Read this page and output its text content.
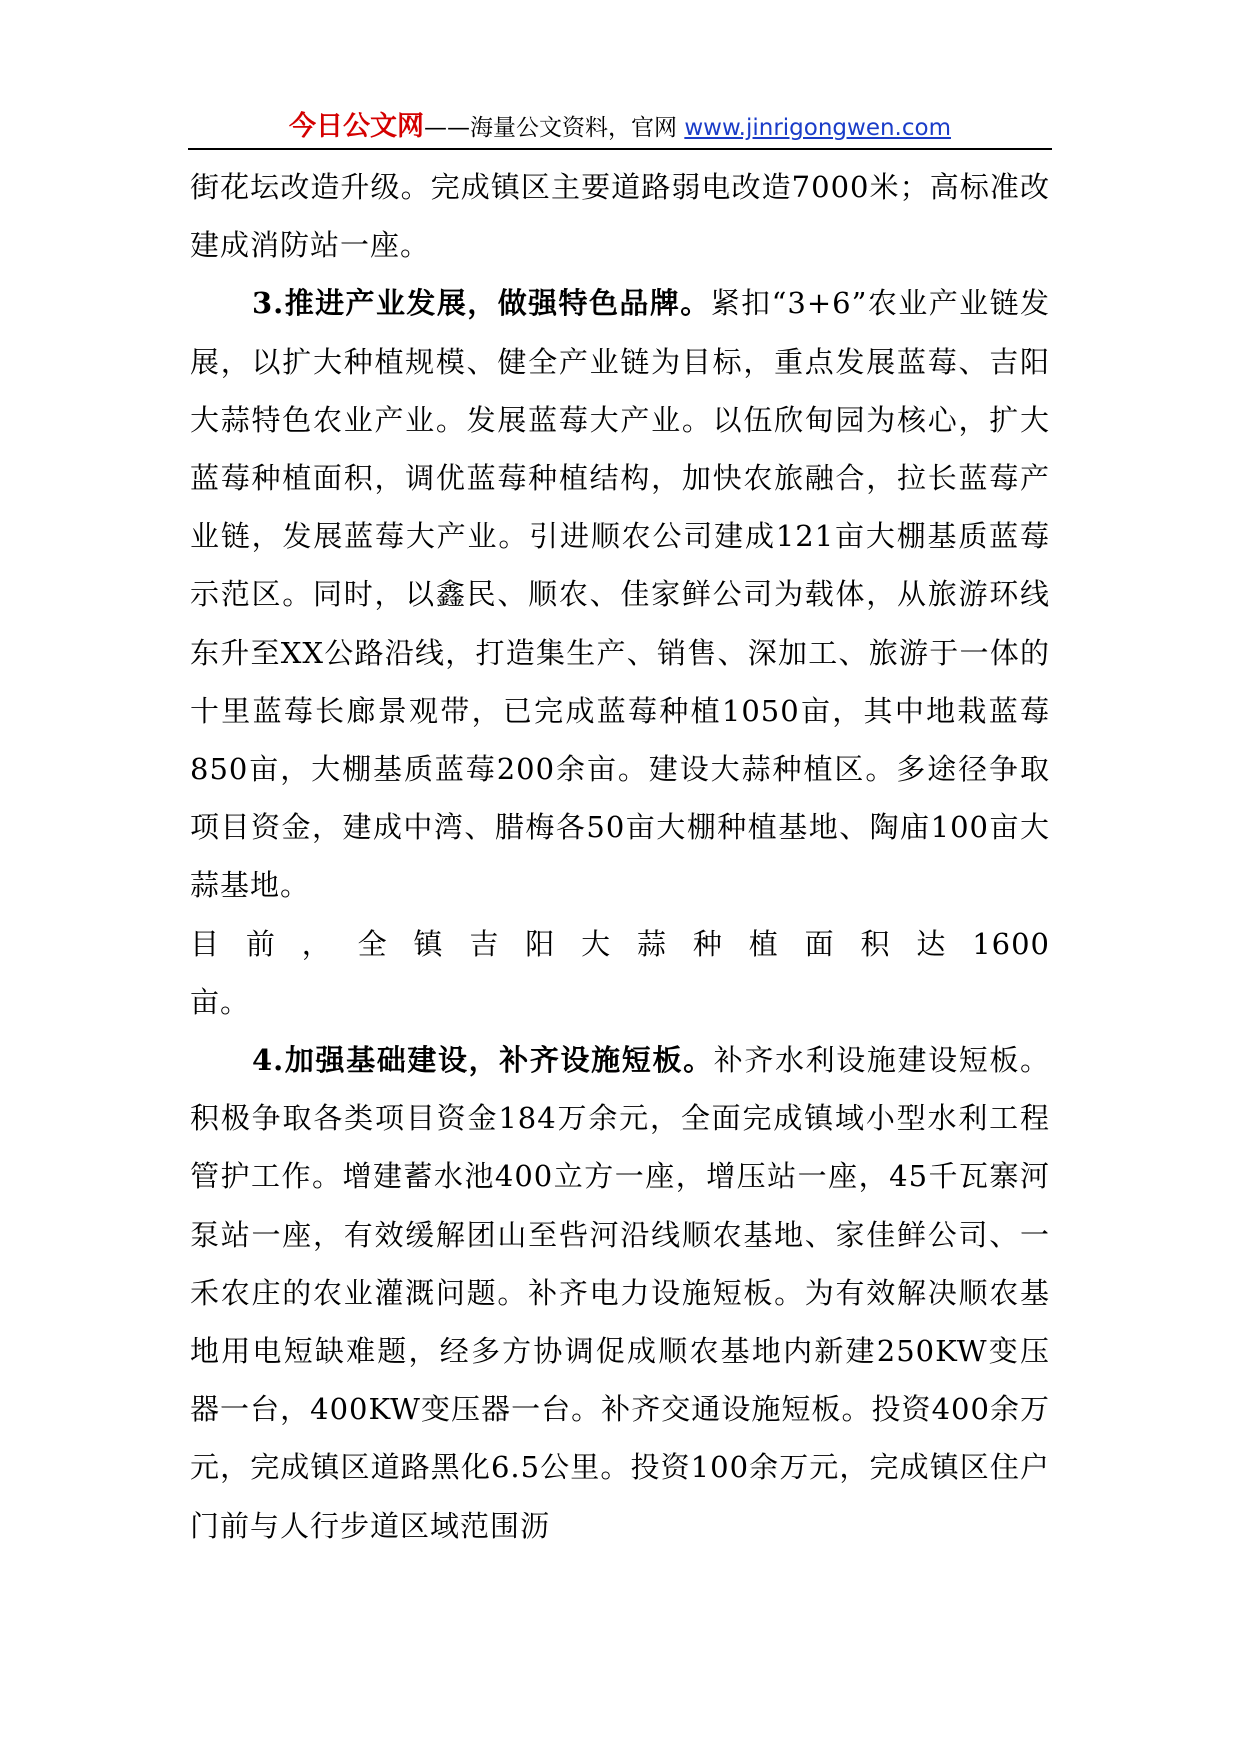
今日公文网——海量公文资料，官网 www.jinrigongwen.com

街花坛改造升级。完成镇区主要道路弱电改造7000米；高标准改建成消防站一座。

3.推进产业发展，做强特色品牌。紧扣“3+6”农业产业链发展，以扩大种植规模、健全产业链为目标，重点发展蓝莓、吉阳大蒜特色农业产业。发展蓝莓大产业。以伍欣甸园为核心，扩大蓝莓种植面积，调优蓝莓种植结构，加快农旅融合，拉长蓝莓产业链，发展蓝莓大产业。引进顺农公司建成121亩大棚基质蓝莓示范区。同时，以鑫民、顺农、佳家鲜公司为载体，从旅游环线东升至XX公路沿线，打造集生产、销售、深加工、旅游于一体的十里蓝莓长廊景观带，已完成蓝莓种植1050亩，其中地栽蓝莓850亩，大棚基质蓝莓200余亩。建设大蒜种植区。多途径争取项目资金，建成中湾、腊梅各50亩大棚种植基地、陶庙100亩大蒜基地。

目前，全镇吉阳大蒜种植面积达1600

亩。

4.加强基础建设，补齐设施短板。补齐水利设施建设短板。积极争取各类项目资金184万余元，全面完成镇域小型水利工程管护工作。增建蓄水池400立方一座，增压站一座，45千瓦寨河泵站一座，有效缓解团山至呰河沿线顺农基地、家佳鲜公司、一禾农庄的农业灌溉问题。补齐电力设施短板。为有效解决顺农基地用电短缺难题，经多方协调促成顺农基地内新建250KW变压器一台，400KW变压器一台。补齐交通设施短板。投资400余万元，完成镇区道路黑化6.5公里。投资100余万元，完成镇区住户门前与人行步道区域范围沥
